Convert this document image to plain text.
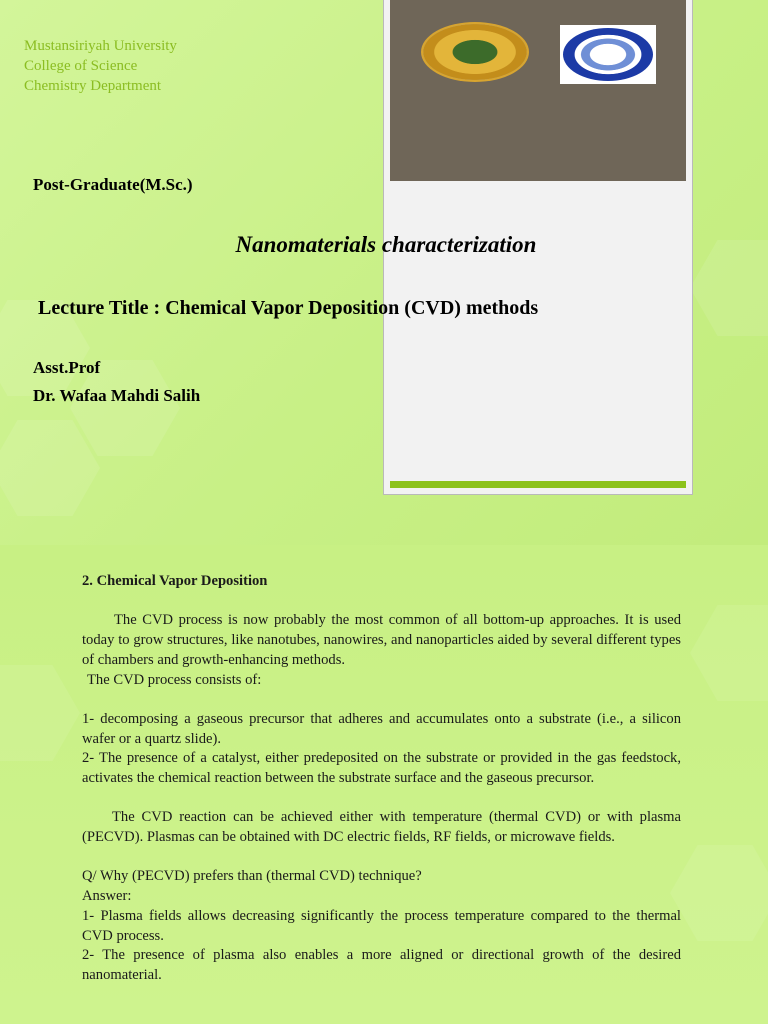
Mustansiriyah University
College of Science
Chemistry Department
Post-Graduate(M.Sc.)
Nanomaterials characterization
Lecture Title : Chemical Vapor Deposition (CVD) methods
Asst.Prof
Dr. Wafaa Mahdi Salih

2. Chemical Vapor Deposition

The CVD process is now probably the most common of all bottom-up approaches. It is used today to grow structures, like nanotubes, nanowires, and nanoparticles aided by several different types of chambers and growth-enhancing methods.

The CVD process consists of:

1- decomposing a gaseous precursor that adheres and accumulates onto a substrate (i.e., a silicon wafer or a quartz slide).

2- The presence of a catalyst, either predeposited on the substrate or provided in the gas feedstock, activates the chemical reaction between the substrate surface and the gaseous precursor.

The CVD reaction can be achieved either with temperature (thermal CVD) or with plasma (PECVD). Plasmas can be obtained with DC electric fields, RF fields, or microwave fields.

Q/ Why (PECVD) prefers than (thermal CVD) technique?

Answer:

1- Plasma fields allows decreasing significantly the process temperature compared to the thermal CVD process.

2- The presence of plasma also enables a more aligned or directional growth of the desired nanomaterial.
